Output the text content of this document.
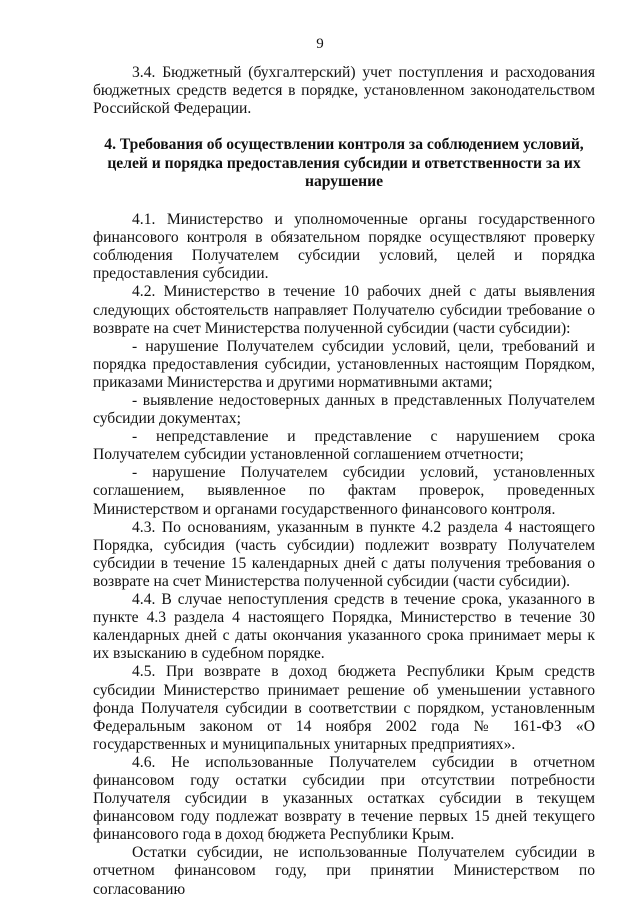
9

3.4. Бюджетный (бухгалтерский) учет поступления и расходования бюджетных средств ведется в порядке, установленном законодательством Российской Федерации.

4. Требования об осуществлении контроля за соблюдением условий, целей и порядка предоставления субсидии и ответственности за их нарушение

4.1. Министерство и уполномоченные органы государственного финансового контроля в обязательном порядке осуществляют проверку соблюдения Получателем субсидии условий, целей и порядка предоставления субсидии.

4.2. Министерство в течение 10 рабочих дней с даты выявления следующих обстоятельств направляет Получателю субсидии требование о возврате на счет Министерства полученной субсидии (части субсидии):

- нарушение Получателем субсидии условий, цели, требований и порядка предоставления субсидии, установленных настоящим Порядком, приказами Министерства и другими нормативными актами;

- выявление недостоверных данных в представленных Получателем субсидии документах;

- непредставление и представление с нарушением срока Получателем субсидии установленной соглашением отчетности;

- нарушение Получателем субсидии условий, установленных соглашением, выявленное по фактам проверок, проведенных Министерством и органами государственного финансового контроля.

4.3. По основаниям, указанным в пункте 4.2 раздела 4 настоящего Порядка, субсидия (часть субсидии) подлежит возврату Получателем субсидии в течение 15 календарных дней с даты получения требования о возврате на счет Министерства полученной субсидии (части субсидии).

4.4. В случае непоступления средств в течение срока, указанного в пункте 4.3 раздела 4 настоящего Порядка, Министерство в течение 30 календарных дней с даты окончания указанного срока принимает меры к их взысканию в судебном порядке.

4.5. При возврате в доход бюджета Республики Крым средств субсидии Министерство принимает решение об уменьшении уставного фонда Получателя субсидии в соответствии с порядком, установленным Федеральным законом от 14 ноября 2002 года № 161-ФЗ «О государственных и муниципальных унитарных предприятиях».

4.6. Не использованные Получателем субсидии в отчетном финансовом году остатки субсидии при отсутствии потребности Получателя субсидии в указанных остатках субсидии в текущем финансовом году подлежат возврату в течение первых 15 дней текущего финансового года в доход бюджета Республики Крым.

Остатки субсидии, не использованные Получателем субсидии в отчетном финансовом году, при принятии Министерством по согласованию
